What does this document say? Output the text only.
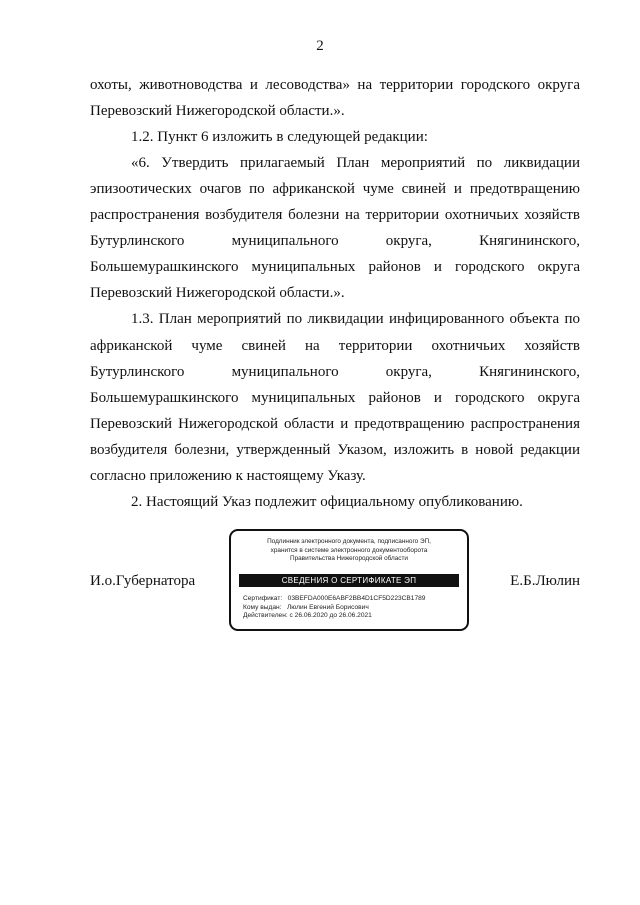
2
охоты, животноводства и лесоводства» на территории городского округа
Перевозский Нижегородской области.».
1.2. Пункт 6 изложить в следующей редакции:
«6. Утвердить прилагаемый План мероприятий по ликвидации
эпизоотических очагов по африканской чуме свиней и предотвращению
распространения возбудителя болезни на территории охотничьих хозяйств
Бутурлинского муниципального округа, Княгининского,
Большемурашкинского муниципальных районов и городского округа
Перевозский Нижегородской области.».
1.3. План мероприятий по ликвидации инфицированного объекта по
африканской чуме свиней на территории охотничьих хозяйств
Бутурлинского муниципального округа, Княгининского,
Большемурашкинского муниципальных районов и городского округа
Перевозский Нижегородской области и предотвращению распространения
возбудителя болезни, утвержденный Указом, изложить в новой редакции
согласно приложению к настоящему Указу.
2. Настоящий Указ подлежит официальному опубликованию.
И.о.Губернатора
Подлинник электронного документа, подписанного ЭП,
хранится в системе электронного документооборота
Правительства Нижегородской области
СВЕДЕНИЯ О СЕРТИФИКАТЕ ЭП
Сертификат:   03BEFDA000E6ABF2BB4D1CF5D223CB1789
Кому выдан:   Люлин Евгений Борисович
Действителен: с 26.06.2020 до 26.06.2021
Е.Б.Люлин
